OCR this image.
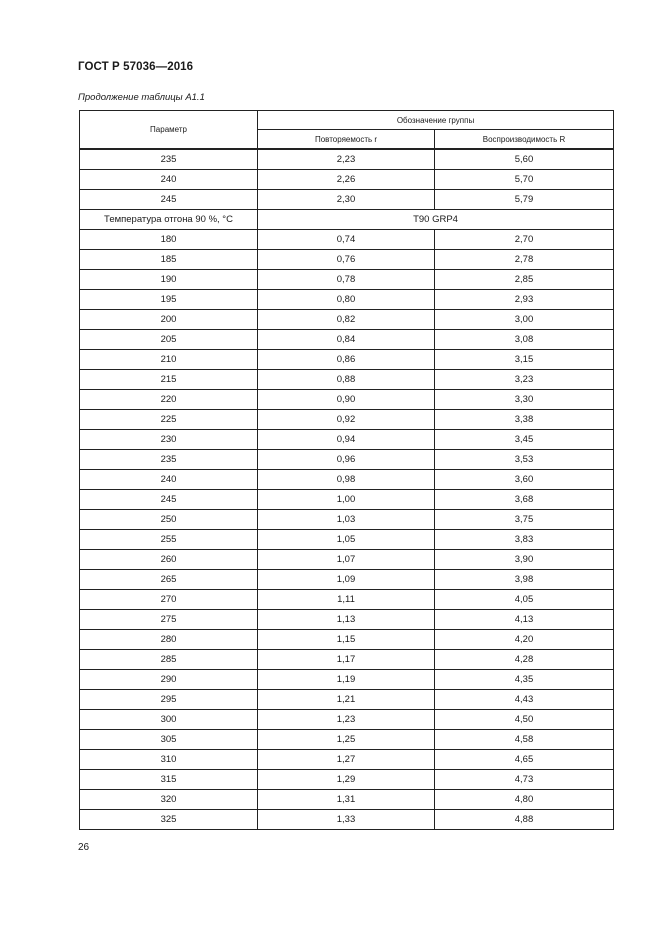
ГОСТ Р 57036—2016
Продолжение таблицы А1.1
Параметр	Обозначение группы	
	Повторяемость r	Воспроизводимость R
235	2,23	5,60
240	2,26	5,70
245	2,30	5,79
Температура отгона 90 %, °C	T90 GRP4	
180	0,74	2,70
185	0,76	2,78
190	0,78	2,85
195	0,80	2,93
200	0,82	3,00
205	0,84	3,08
210	0,86	3,15
215	0,88	3,23
220	0,90	3,30
225	0,92	3,38
230	0,94	3,45
235	0,96	3,53
240	0,98	3,60
245	1,00	3,68
250	1,03	3,75
255	1,05	3,83
260	1,07	3,90
265	1,09	3,98
270	1,11	4,05
275	1,13	4,13
280	1,15	4,20
285	1,17	4,28
290	1,19	4,35
295	1,21	4,43
300	1,23	4,50
305	1,25	4,58
310	1,27	4,65
315	1,29	4,73
320	1,31	4,80
325	1,33	4,88
26
